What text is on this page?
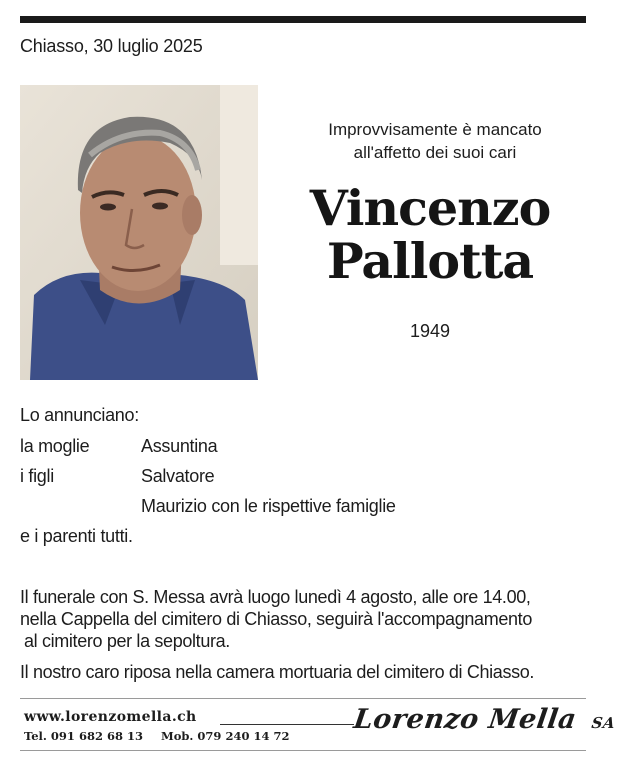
Chiasso, 30 luglio 2025
Improvvisamente è mancato
all'affetto dei suoi cari
Vincenzo
Pallotta
1949
Lo annunciano:
la moglie	Assuntina
i figli	Salvatore
Maurizio con le rispettive famiglie
e i parenti tutti.
Il funerale con S. Messa avrà luogo lunedì 4 agosto, alle ore 14.00,
nella Cappella del cimitero di Chiasso, seguirà l'accompagnamento
al cimitero per la sepoltura.
Il nostro caro riposa nella camera mortuaria del cimitero di Chiasso.
www.lorenzomella.ch
Tel. 091 682 68 13 Mob. 079 240 14 72
Lorenzo Mella SA
